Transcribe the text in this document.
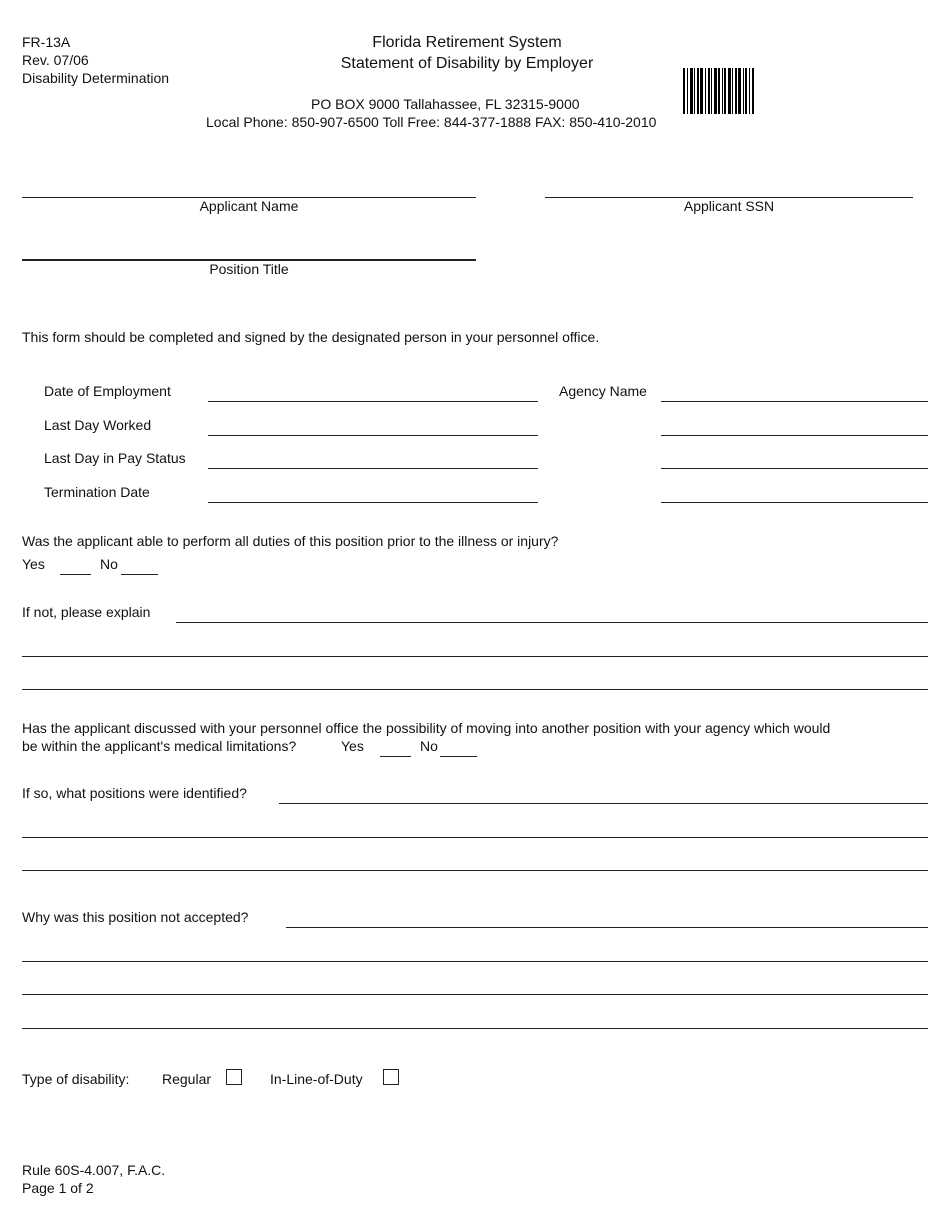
FR-13A
Rev. 07/06
Disability Determination
Florida Retirement System
Statement of Disability by Employer
PO BOX 9000 Tallahassee, FL 32315-9000
Local Phone: 850-907-6500 Toll Free: 844-377-1888 FAX: 850-410-2010
Applicant Name	Applicant SSN
Position Title
This form should be completed and signed by the designated person in your personnel office.
Date of Employment
Last Day Worked
Last Day in Pay Status
Termination Date
Agency Name
Was the applicant able to perform all duties of this position prior to the illness or injury?
Yes	No
If not, please explain
Has the applicant discussed with your personnel office the possibility of moving into another position with your agency which would
be within the applicant's medical limitations?	Yes	No
If so, what positions were identified?
Why was this position not accepted?
Type of disability: Regular	In-Line-of-Duty
Rule 60S-4.007, F.A.C.
Page 1 of 2
